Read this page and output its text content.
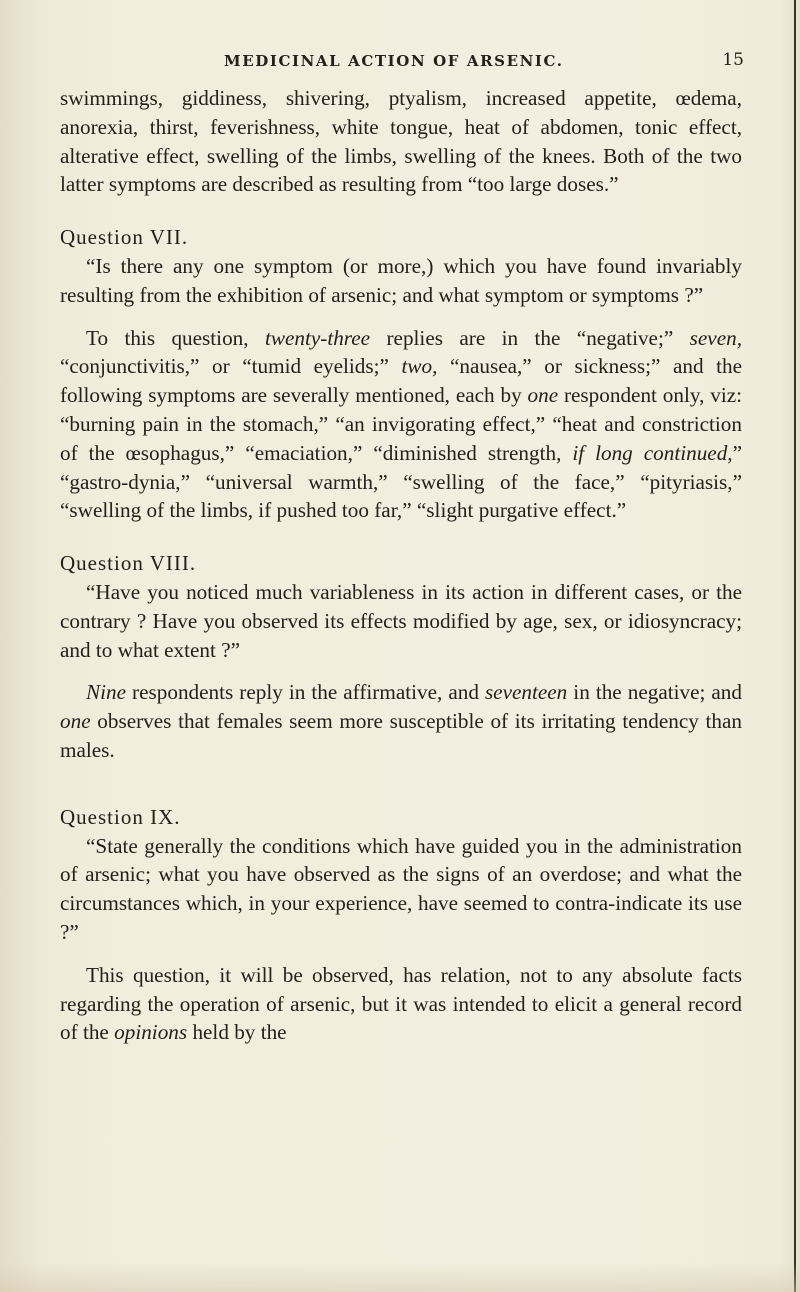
MEDICINAL ACTION OF ARSENIC.	15

swimmings, giddiness, shivering, ptyalism, increased appetite, œdema, anorexia, thirst, feverishness, white tongue, heat of abdomen, tonic effect, alterative effect, swelling of the limbs, swelling of the knees. Both of the two latter symptoms are described as resulting from “too large doses.”

Question VII.

“Is there any one symptom (or more,) which you have found invariably resulting from the exhibition of arsenic; and what symptom or symptoms ?”

To this question, twenty-three replies are in the “negative;” seven, “conjunctivitis,” or “tumid eyelids;” two, “nausea,” or sickness;” and the following symptoms are severally mentioned, each by one respondent only, viz: “burning pain in the stomach,” “an invigorating effect,” “heat and constriction of the œsophagus,” “emaciation,” “diminished strength, if long continued,” “gastro-dynia,” “universal warmth,” “swelling of the face,” “pityriasis,” “swelling of the limbs, if pushed too far,” “slight purgative effect.”

Question VIII.

“Have you noticed much variableness in its action in different cases, or the contrary ? Have you observed its effects modified by age, sex, or idiosyncracy; and to what extent ?”

Nine respondents reply in the affirmative, and seventeen in the negative; and one observes that females seem more susceptible of its irritating tendency than males.

Question IX.

“State generally the conditions which have guided you in the administration of arsenic; what you have observed as the signs of an overdose; and what the circumstances which, in your experience, have seemed to contra-indicate its use ?”

This question, it will be observed, has relation, not to any absolute facts regarding the operation of arsenic, but it was intended to elicit a general record of the opinions held by the
